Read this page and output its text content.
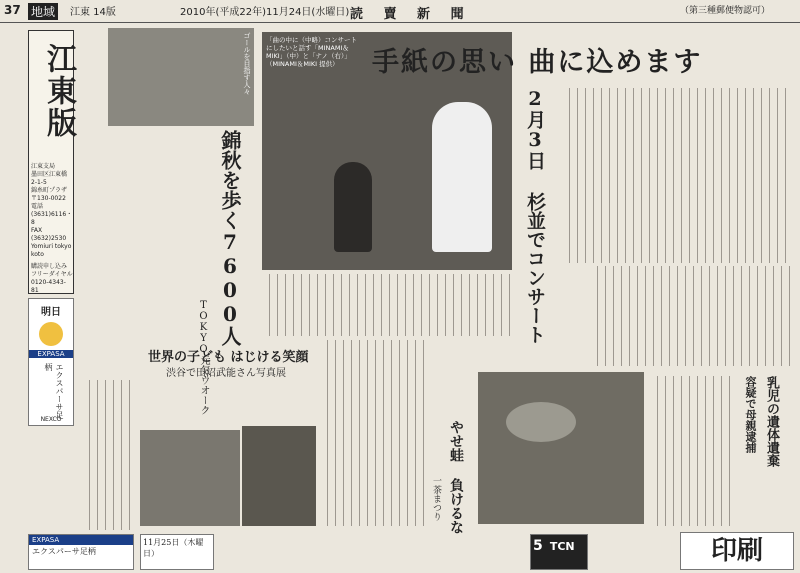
37 地域	江東 14版	2010年(平成22年)11月24日(水曜日) 読 賣 新 聞	（第三種郵便物認可）
江東版
江東支局
墨田区江東橋
2-1-5
錦糸町プラザ
〒130-0022
電話
(3631)6116・8
FAX
(3632)2530
Yomiuri tokyo
koto
購読申し込み
フリーダイヤル
0120-4343-81
明日
EXPASA
エクスパーサ足柄
NEXCO
ゴールを目指す人々
錦秋を歩く7600人
TOKYO元気ウオーク
「曲の中に（中略）コンサートにしたいと話す「MINAMI＆MIKI」（中）と「ナノ（右）」（MINAMI＆MIKI 提供）	手紙の思い 曲に込めます
2月3日 杉並でコンサート
世界の子ども はじける笑顔
渋谷で田沼武能さん写真展
やせ蛙 負けるな
一茶まつり
乳児の遺体遺棄
容疑で母親逮捕
EXPASA
エクスパーサ足柄
11月25日（木曜日）	5 TCN	印刷
